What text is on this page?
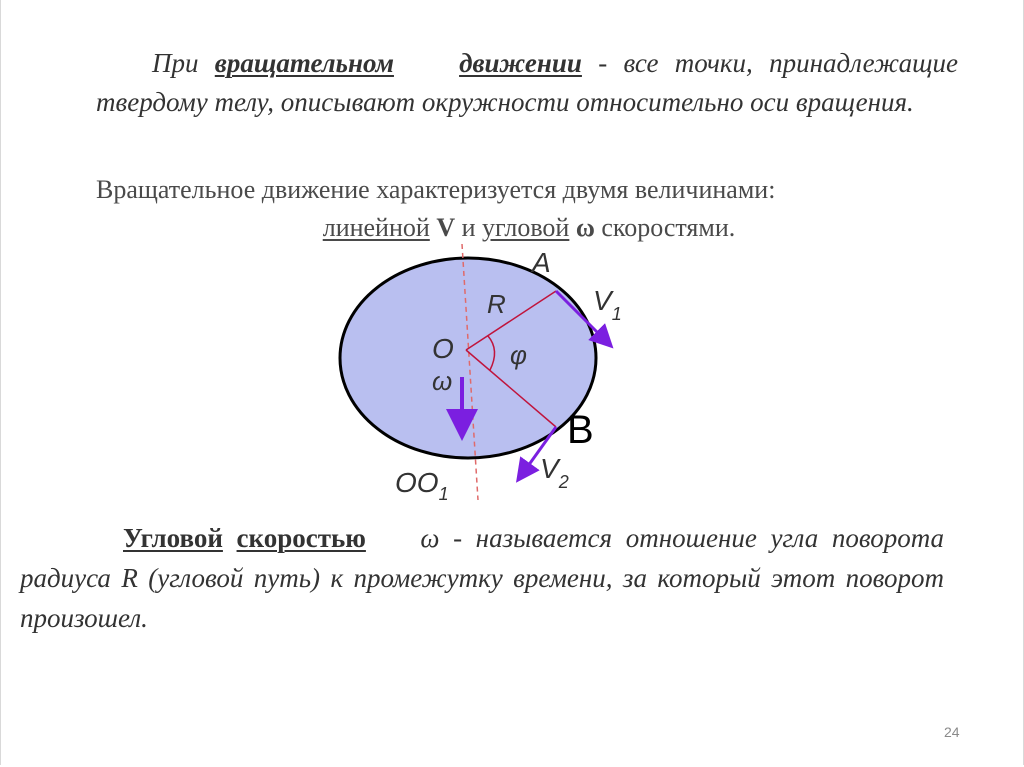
При вращательном движении - все точки, принадлежащие твердому телу, описывают окружности относительно оси вращения.
Вращательное движение характеризуется двумя величинами:
линейной V и угловой ω скоростями.
A
R	$V_1$
O φ
ω
B
$V_2$
$OO_1$
Угловой скоростью ω - называется отношение угла поворота радиуса R (угловой путь) к промежутку времени, за который этот поворот произошел.
24
